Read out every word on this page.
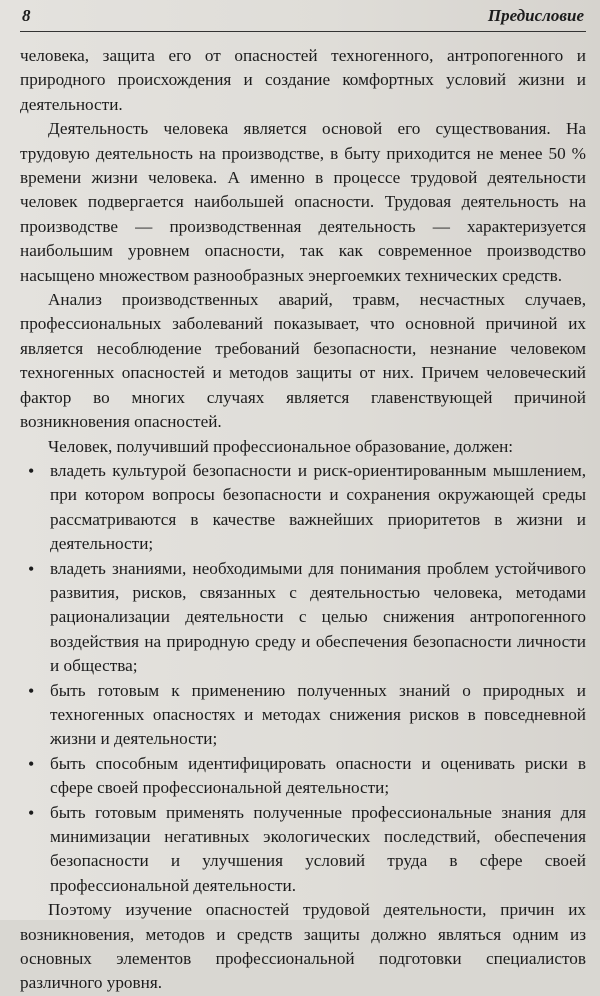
8	Предисловие

человека, защита его от опасностей техногенного, антропогенного и природного происхождения и создание комфортных условий жизни и деятельности.

Деятельность человека является основой его существования. На трудовую деятельность на производстве, в быту приходится не менее 50 % времени жизни человека. А именно в процессе трудовой деятельности человек подвергается наибольшей опасности. Трудовая деятельность на производстве — производственная деятельность — характеризуется наибольшим уровнем опасности, так как современное производство насыщено множеством разнообразных энергоемких технических средств.

Анализ производственных аварий, травм, несчастных случаев, профессиональных заболеваний показывает, что основной причиной их является несоблюдение требований безопасности, незнание человеком техногенных опасностей и методов защиты от них. Причем человеческий фактор во многих случаях является главенствующей причиной возникновения опасностей.

Человек, получивший профессиональное образование, должен:

• владеть культурой безопасности и риск-ориентированным мышлением, при котором вопросы безопасности и сохранения окружающей среды рассматриваются в качестве важнейших приоритетов в жизни и деятельности;
• владеть знаниями, необходимыми для понимания проблем устойчивого развития, рисков, связанных с деятельностью человека, методами рационализации деятельности с целью снижения антропогенного воздействия на природную среду и обеспечения безопасности личности и общества;
• быть готовым к применению полученных знаний о природных и техногенных опасностях и методах снижения рисков в повседневной жизни и деятельности;
• быть способным идентифицировать опасности и оценивать риски в сфере своей профессиональной деятельности;
• быть готовым применять полученные профессиональные знания для минимизации негативных экологических последствий, обеспечения безопасности и улучшения условий труда в сфере своей профессиональной деятельности.

Поэтому изучение опасностей трудовой деятельности, причин их возникновения, методов и средств защиты должно являться одним из основных элементов профессиональной подготовки специалистов различного уровня.
